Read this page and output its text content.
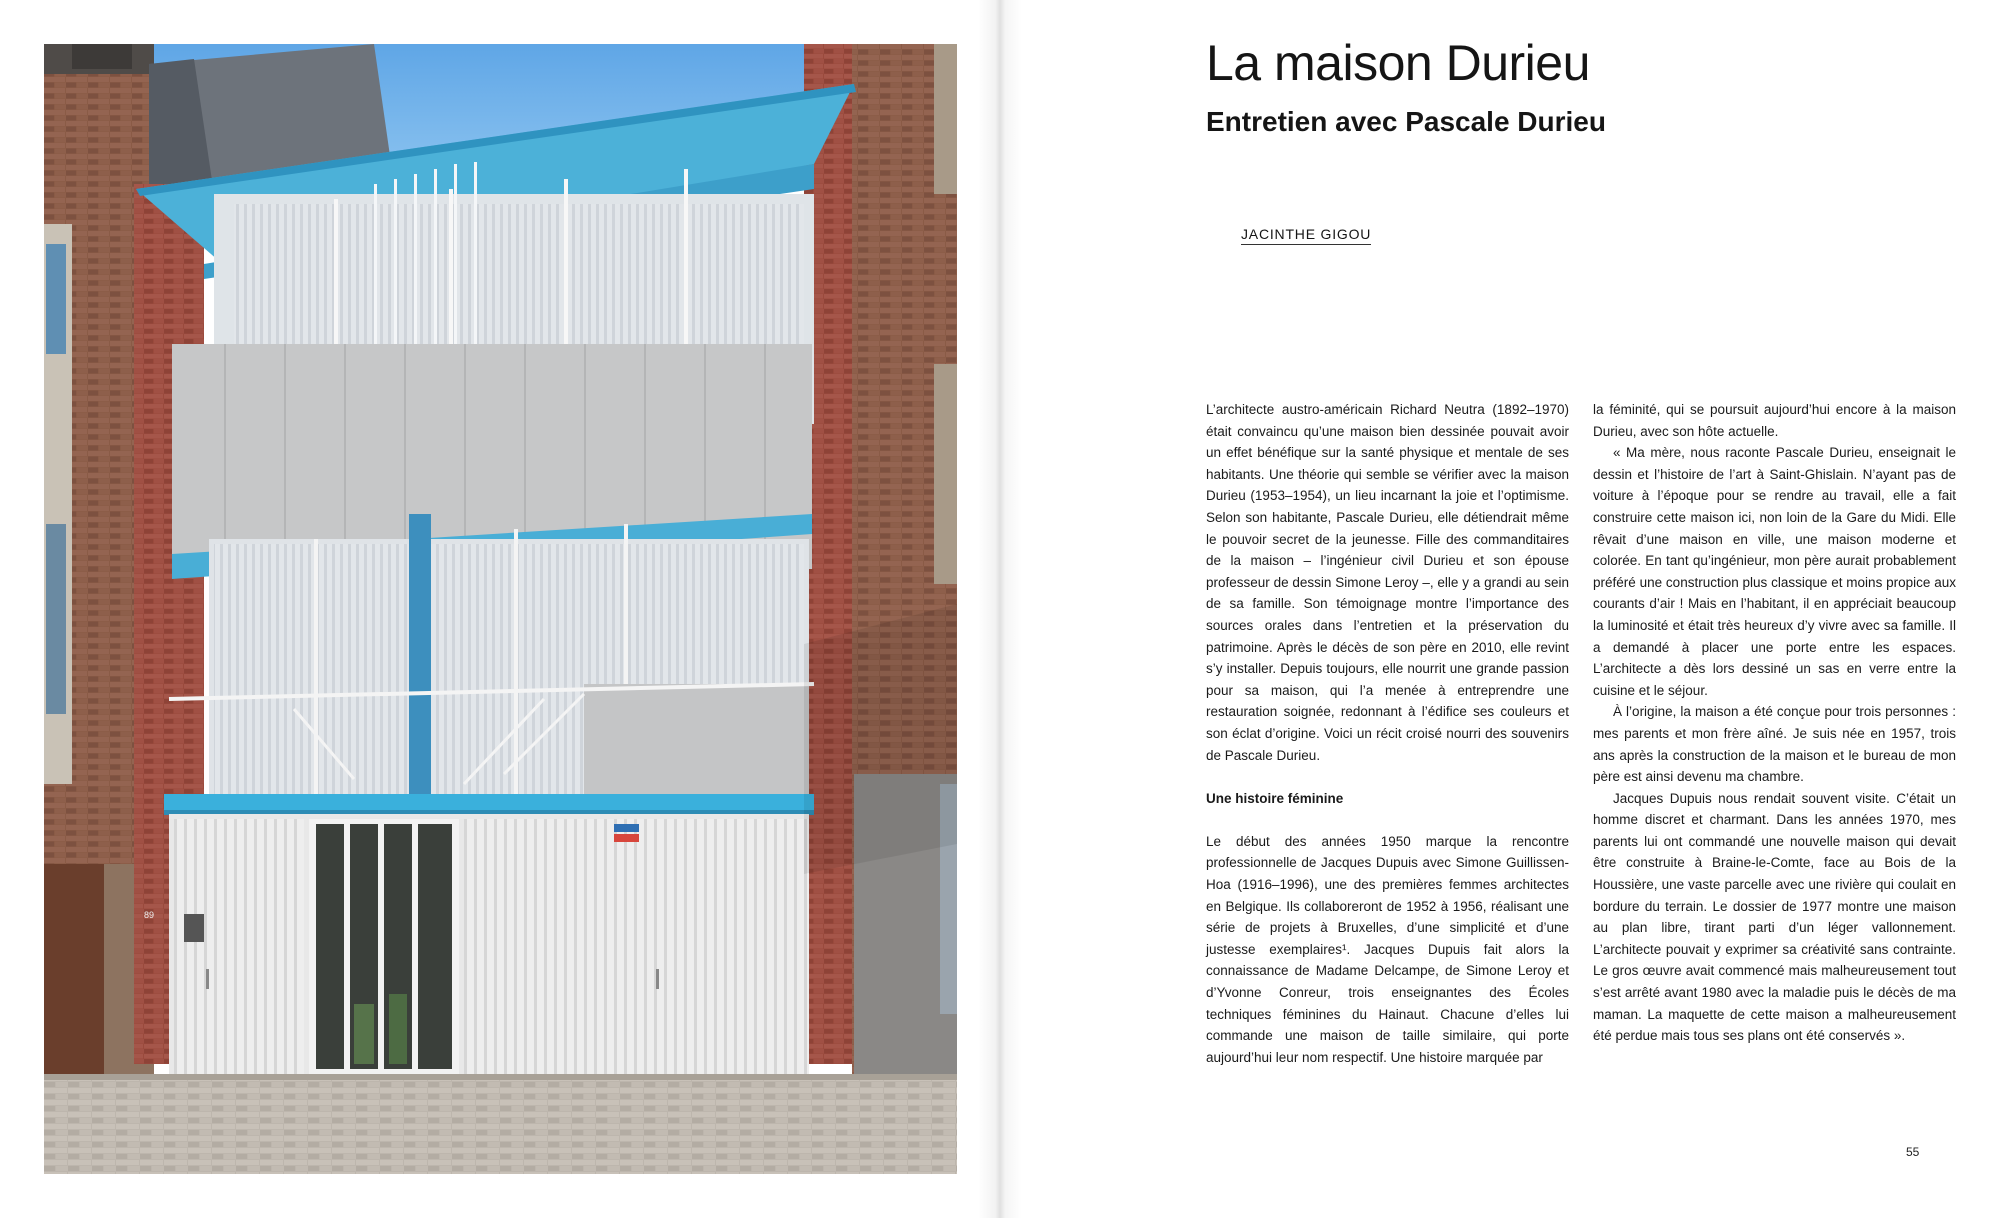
89
La maison Durieu
Entretien avec Pascale Durieu
JACINTHE GIGOU

L’architecte austro-américain Richard Neutra (1892–1970) était convaincu qu’une maison bien dessinée pouvait avoir un effet bénéfique sur la santé physique et mentale de ses habitants. Une théorie qui semble se vérifier avec la maison Durieu (1953–1954), un lieu incarnant la joie et l’optimisme. Selon son habitante, Pascale Durieu, elle détiendrait même le pouvoir secret de la jeunesse. Fille des commanditaires de la maison – l’ingénieur civil Durieu et son épouse professeur de dessin Simone Leroy –, elle y a grandi au sein de sa famille. Son témoignage montre l’importance des sources orales dans l’entretien et la préservation du patrimoine. Après le décès de son père en 2010, elle revint s’y installer. Depuis toujours, elle nourrit une grande passion pour sa maison, qui l’a menée à entreprendre une restauration soignée, redonnant à l’édifice ses couleurs et son éclat d’origine. Voici un récit croisé nourri des souvenirs de Pascale Durieu.

Une histoire féminine

Le début des années 1950 marque la rencontre professionnelle de Jacques Dupuis avec Simone Guillissen-Hoa (1916–1996), une des premières femmes architectes en Belgique. Ils collaboreront de 1952 à 1956, réalisant une série de projets à Bruxelles, d’une simplicité et d’une justesse exemplaires¹. Jacques Dupuis fait alors la connaissance de Madame Delcampe, de Simone Leroy et d’Yvonne Conreur, trois enseignantes des Écoles techniques féminines du Hainaut. Chacune d’elles lui commande une maison de taille similaire, qui porte aujourd’hui leur nom respectif. Une histoire marquée par

la féminité, qui se poursuit aujourd’hui encore à la maison Durieu, avec son hôte actuelle.

« Ma mère, nous raconte Pascale Durieu, enseignait le dessin et l’histoire de l’art à Saint-Ghislain. N’ayant pas de voiture à l’époque pour se rendre au travail, elle a fait construire cette maison ici, non loin de la Gare du Midi. Elle rêvait d’une maison en ville, une maison moderne et colorée. En tant qu’ingénieur, mon père aurait probablement préféré une construction plus classique et moins propice aux courants d’air ! Mais en l’habitant, il en appréciait beaucoup la luminosité et était très heureux d’y vivre avec sa famille. Il a demandé à placer une porte entre les espaces. L’architecte a dès lors dessiné un sas en verre entre la cuisine et le séjour.

À l’origine, la maison a été conçue pour trois personnes : mes parents et mon frère aîné. Je suis née en 1957, trois ans après la construction de la maison et le bureau de mon père est ainsi devenu ma chambre.

Jacques Dupuis nous rendait souvent visite. C’était un homme discret et charmant. Dans les années 1970, mes parents lui ont commandé une nouvelle maison qui devait être construite à Braine-le-Comte, face au Bois de la Houssière, une vaste parcelle avec une rivière qui coulait en bordure du terrain. Le dossier de 1977 montre une maison au plan libre, tirant parti d’un léger vallonnement. L’architecte pouvait y exprimer sa créativité sans contrainte. Le gros œuvre avait commencé mais malheureusement tout s’est arrêté avant 1980 avec la maladie puis le décès de ma maman. La maquette de cette maison a malheureusement été perdue mais tous ses plans ont été conservés ».

55
